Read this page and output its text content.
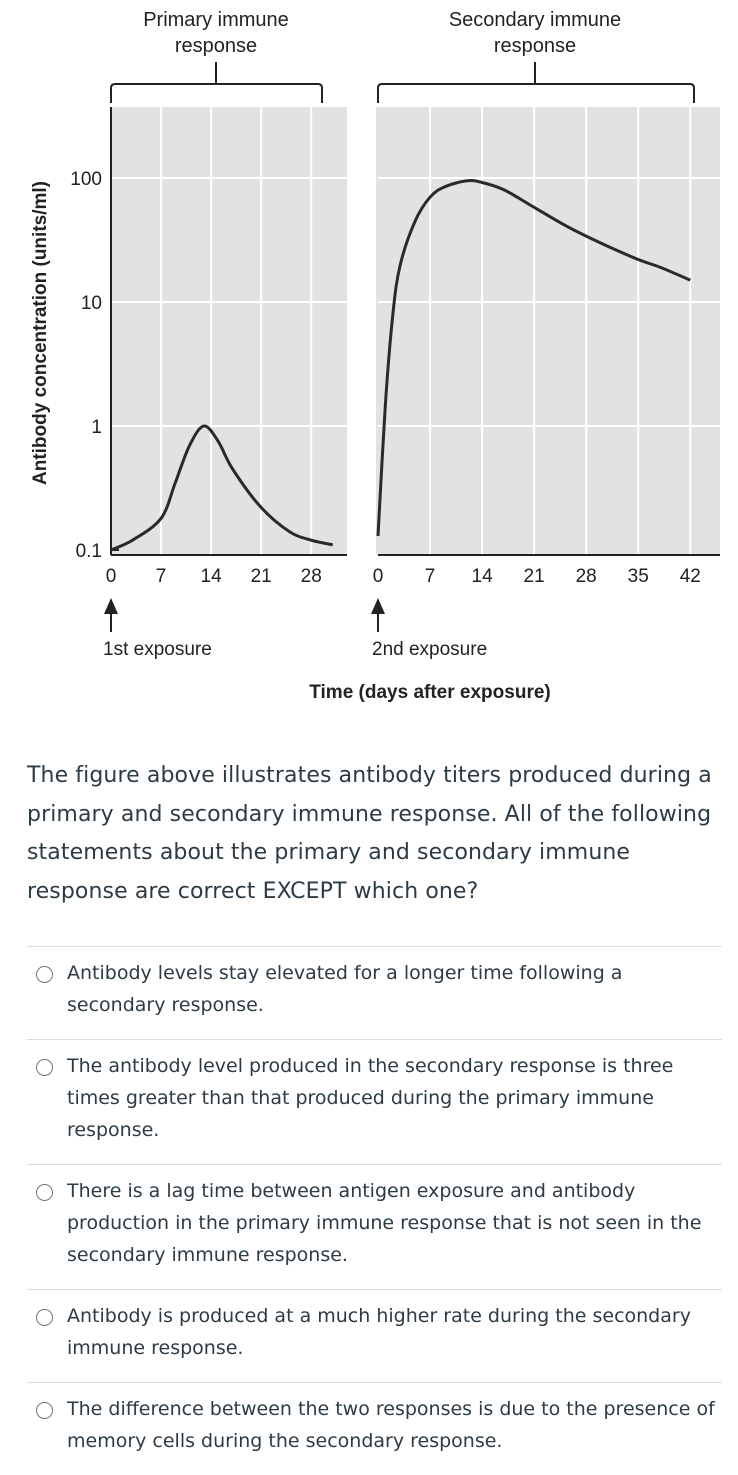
Primary immune response
Secondary immune response
Antibody concentration (units/ml)
0 7 14 21 28	0 7 14 21 28 35 42
100
10
1
0.1
1st exposure	2nd exposure
Time (days after exposure)

The figure above illustrates antibody titers produced during a primary and secondary immune response. All of the following statements about the primary and secondary immune response are correct EXCEPT which one?

Antibody levels stay elevated for a longer time following a secondary response.
The antibody level produced in the secondary response is three times greater than that produced during the primary immune response.
There is a lag time between antigen exposure and antibody production in the primary immune response that is not seen in the secondary immune response.
Antibody is produced at a much higher rate during the secondary immune response.
The difference between the two responses is due to the presence of memory cells during the secondary response.
